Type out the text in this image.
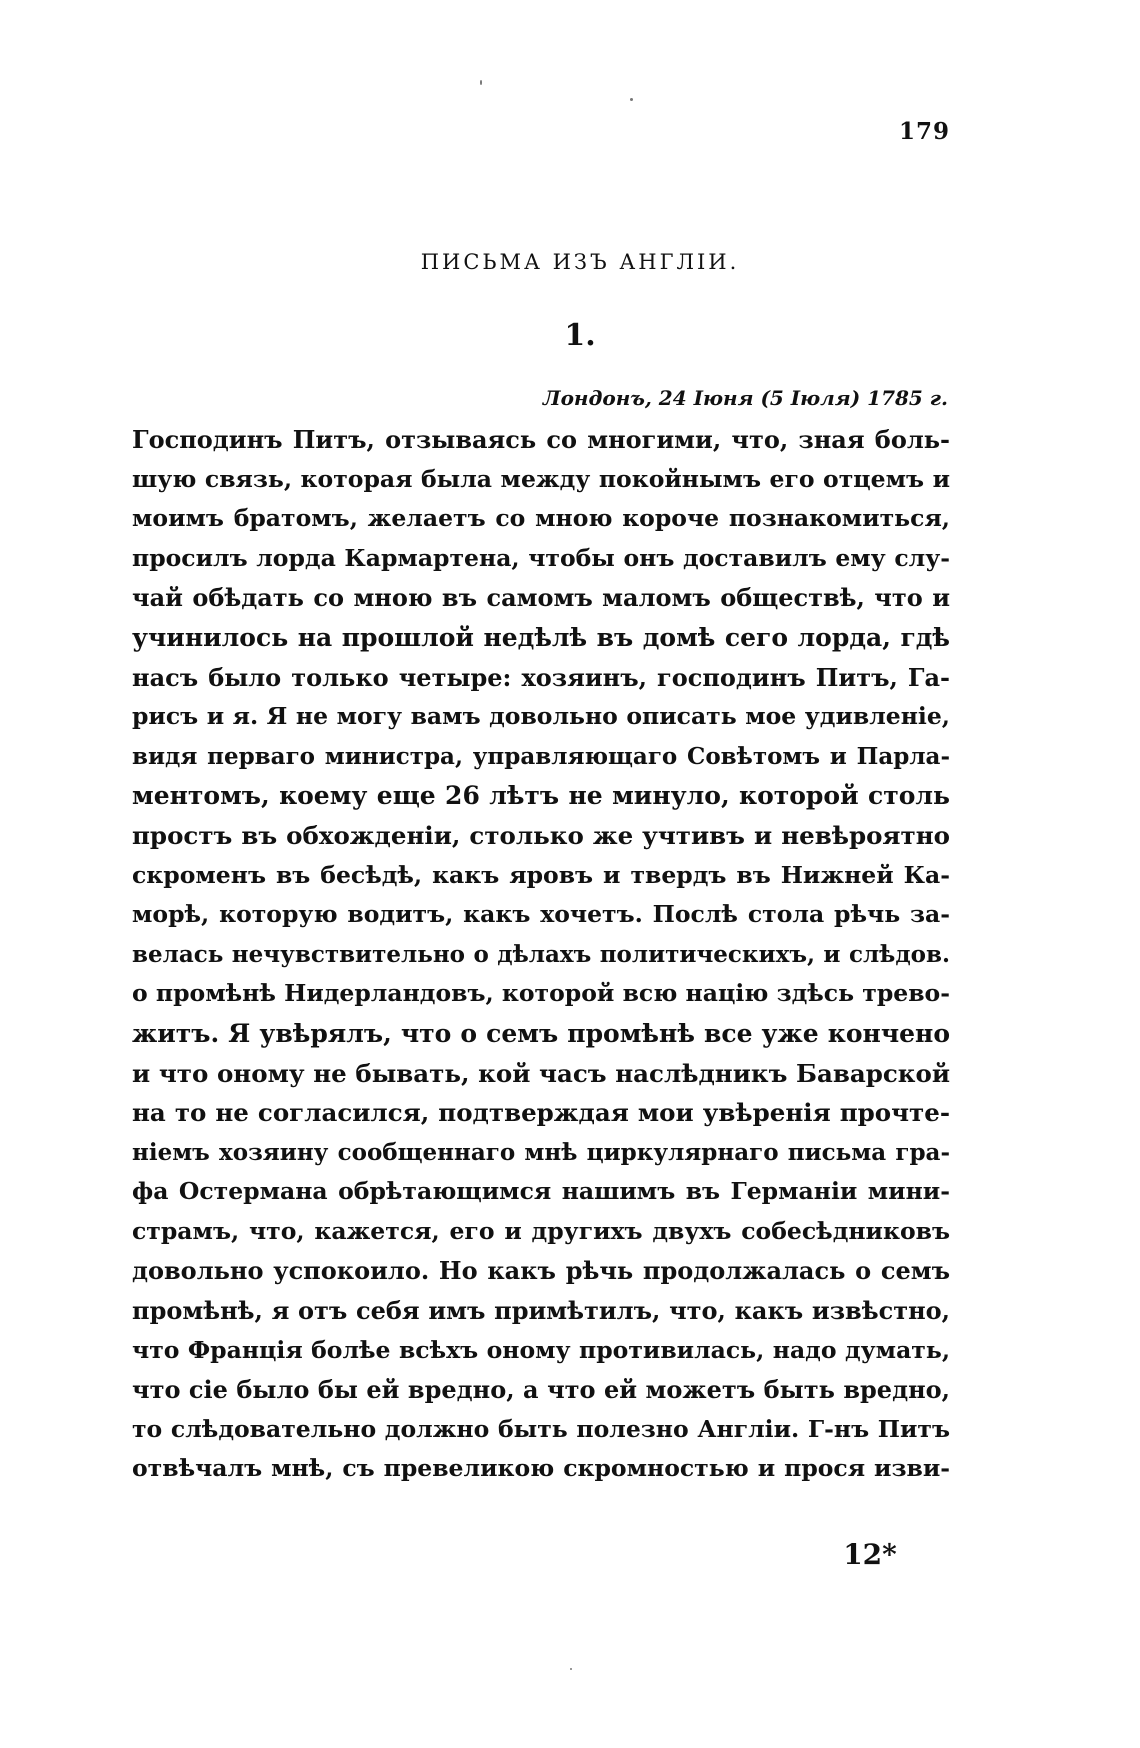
179
ПИСЬМА ИЗЪ АНГЛІИ.
1.
Лондонъ, 24 Іюня (5 Іюля) 1785 г.
Господинъ Питъ, отзываясь со многими, что, зная боль-
шую связь, которая была между покойнымъ его отцемъ и
моимъ братомъ, желаетъ со мною короче познакомиться,
просилъ лорда Кармартена, чтобы онъ доставилъ ему слу-
чай обѣдать со мною въ самомъ маломъ обществѣ, что и
учинилось на прошлой недѣлѣ въ домѣ сего лорда, гдѣ
насъ было только четыре: хозяинъ, господинъ Питъ, Га-
рисъ и я. Я не могу вамъ довольно описать мое удивленіе,
видя перваго министра, управляющаго Совѣтомъ и Парла-
ментомъ, коему еще 26 лѣтъ не минуло, которой столь
простъ въ обхожденіи, столько же учтивъ и невѣроятно
скроменъ въ бесѣдѣ, какъ яровъ и твердъ въ Нижней Ка-
морѣ, которую водитъ, какъ хочетъ. Послѣ стола рѣчь за-
велась нечувствительно о дѣлахъ политическихъ, и слѣдов.
о промѣнѣ Нидерландовъ, которой всю націю здѣсь трево-
житъ. Я увѣрялъ, что о семъ промѣнѣ все уже кончено
и что оному не бывать, кой часъ наслѣдникъ Баварской
на то не согласился, подтверждая мои увѣренія прочте-
ніемъ хозяину сообщеннаго мнѣ циркулярнаго письма гра-
фа Остермана обрѣтающимся нашимъ въ Германіи мини-
страмъ, что, кажется, его и другихъ двухъ собесѣдниковъ
довольно успокоило. Но какъ рѣчь продолжалась о семъ
промѣнѣ, я отъ себя имъ примѣтилъ, что, какъ извѣстно,
что Франція болѣе всѣхъ оному противилась, надо думать,
что сіе было бы ей вредно, а что ей можетъ быть вредно,
то слѣдовательно должно быть полезно Англіи. Г-нъ Питъ
отвѣчалъ мнѣ, съ превеликою скромностью и прося изви-
12*
